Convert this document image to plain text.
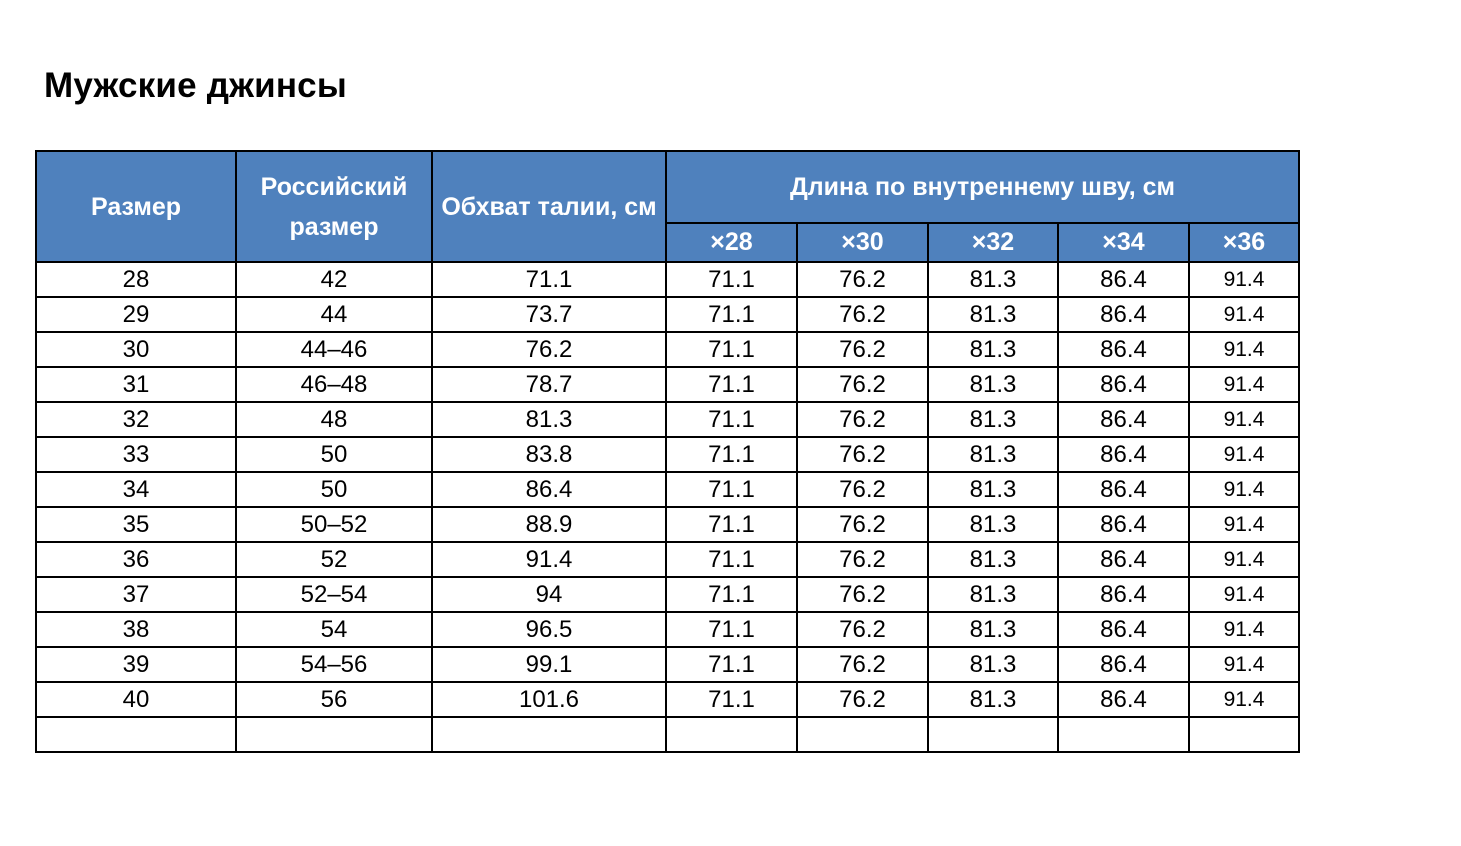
Мужские джинсы
Размер	Российский размер	Обхват талии, см	Длина по внутреннему шву, см				
			×28	×30	×32	×34	×36
28	42	71.1	71.1	76.2	81.3	86.4	91.4
29	44	73.7	71.1	76.2	81.3	86.4	91.4
30	44–46	76.2	71.1	76.2	81.3	86.4	91.4
31	46–48	78.7	71.1	76.2	81.3	86.4	91.4
32	48	81.3	71.1	76.2	81.3	86.4	91.4
33	50	83.8	71.1	76.2	81.3	86.4	91.4
34	50	86.4	71.1	76.2	81.3	86.4	91.4
35	50–52	88.9	71.1	76.2	81.3	86.4	91.4
36	52	91.4	71.1	76.2	81.3	86.4	91.4
37	52–54	94	71.1	76.2	81.3	86.4	91.4
38	54	96.5	71.1	76.2	81.3	86.4	91.4
39	54–56	99.1	71.1	76.2	81.3	86.4	91.4
40	56	101.6	71.1	76.2	81.3	86.4	91.4
